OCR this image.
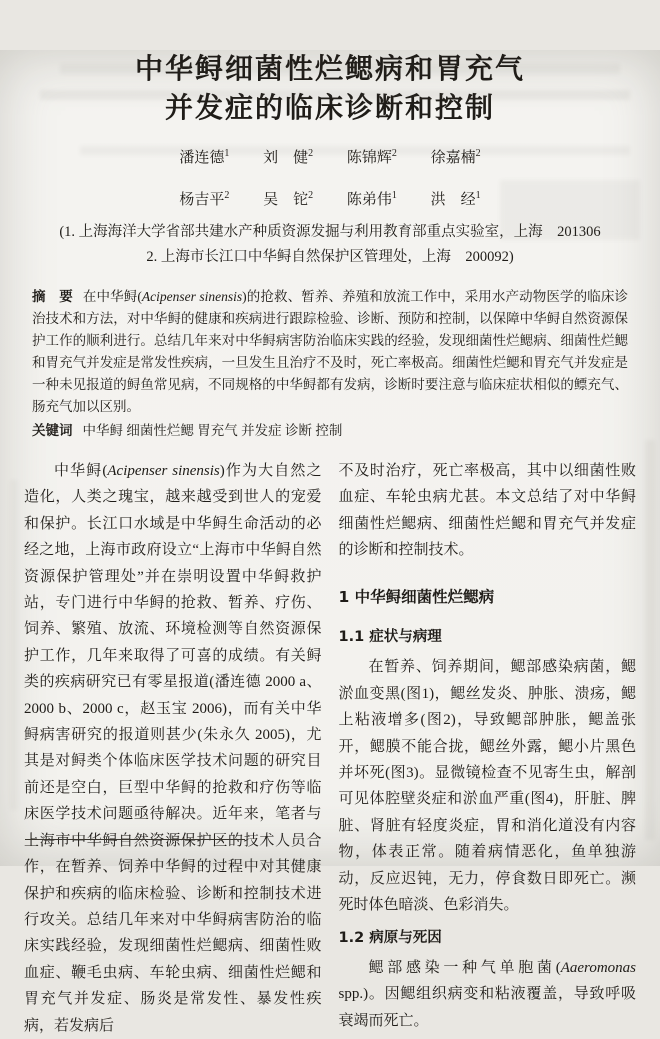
中华鲟细菌性烂鳃病和胃充气
并发症的临床诊断和控制
潘连德$^1$ 刘　健$^2$ 陈锦辉$^2$ 徐嘉楠$^2$
杨吉平$^2$ 吴　铊$^2$ 陈弟伟$^1$ 洪　经$^1$
(1. 上海海洋大学省部共建水产种质资源发掘与利用教育部重点实验室，上海　201306
2. 上海市长江口中华鲟自然保护区管理处，上海　200092)
摘　要 在中华鲟(Acipenser sinensis)的抢救、暂养、养殖和放流工作中，采用水产动物医学的临床诊治技术和方法，对中华鲟的健康和疾病进行跟踪检验、诊断、预防和控制，以保障中华鲟自然资源保护工作的顺利进行。总结几年来对中华鲟病害防治临床实践的经验，发现细菌性烂鳃病、细菌性烂鳃和胃充气并发症是常发性疾病，一旦发生且治疗不及时，死亡率极高。细菌性烂鳃和胃充气并发症是一种未见报道的鲟鱼常见病，不同规格的中华鲟都有发病，诊断时要注意与临床症状相似的鳔充气、肠充气加以区别。
关键词 中华鲟 细菌性烂鳃 胃充气 并发症 诊断 控制

中华鲟(Acipenser sinensis)作为大自然之造化，人类之瑰宝，越来越受到世人的宠爱和保护。长江口水域是中华鲟生命活动的必经之地，上海市政府设立“上海市中华鲟自然资源保护管理处”并在崇明设置中华鲟救护站，专门进行中华鲟的抢救、暂养、疗伤、饲养、繁殖、放流、环境检测等自然资源保护工作，几年来取得了可喜的成绩。有关鲟类的疾病研究已有零星报道(潘连德 2000 a、2000 b、2000 c，赵玉宝 2006)，而有关中华鲟病害研究的报道则甚少(朱永久 2005)，尤其是对鲟类个体临床医学技术问题的研究目前还是空白，巨型中华鲟的抢救和疗伤等临床医学技术问题亟待解决。近年来，笔者与上海市中华鲟自然资源保护区的技术人员合作，在暂养、饲养中华鲟的过程中对其健康保护和疾病的临床检验、诊断和控制技术进行攻关。总结几年来对中华鲟病害防治的临床实践经验，发现细菌性烂鳃病、细菌性败血症、鞭毛虫病、车轮虫病、细菌性烂鳃和胃充气并发症、肠炎是常发性、暴发性疾病，若发病后

不及时治疗，死亡率极高，其中以细菌性败血症、车轮虫病尤甚。本文总结了对中华鲟细菌性烂鳃病、细菌性烂鳃和胃充气并发症的诊断和控制技术。

1 中华鲟细菌性烂鳃病
1.1 症状与病理

在暂养、饲养期间，鳃部感染病菌，鳃淤血变黑(图1)，鳃丝发炎、肿胀、溃疡，鳃上粘液增多(图2)，导致鳃部肿胀，鳃盖张开，鳃膜不能合拢，鳃丝外露，鳃小片黑色并坏死(图3)。显微镜检查不见寄生虫，解剖可见体腔壁炎症和淤血严重(图4)，肝脏、脾脏、肾脏有轻度炎症，胃和消化道没有内容物，体表正常。随着病情恶化，鱼单独游动，反应迟钝，无力，停食数日即死亡。濒死时体色暗淡、色彩消失。

1.2 病原与死因

鳃部感染一种气单胞菌(Aaeromonas spp.)。因鳃组织病变和粘液覆盖，导致呼吸衰竭而死亡。
